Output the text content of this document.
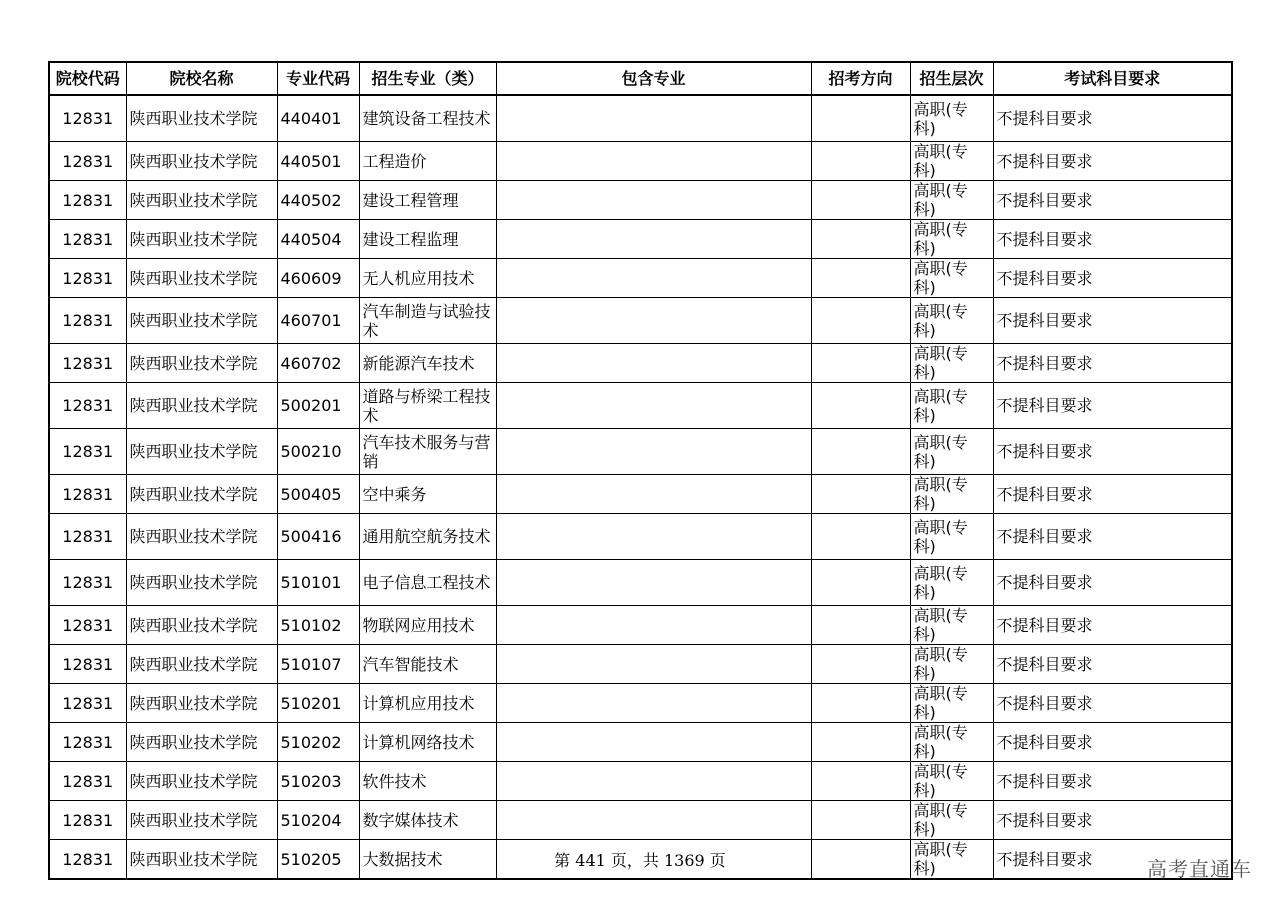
院校代码	院校名称	专业代码	招生专业（类）	包含专业	招考方向	招生层次	考试科目要求
12831	陕西职业技术学院	440401	建筑设备工程技术			高职(专科)	不提科目要求
12831	陕西职业技术学院	440501	工程造价			高职(专科)	不提科目要求
12831	陕西职业技术学院	440502	建设工程管理			高职(专科)	不提科目要求
12831	陕西职业技术学院	440504	建设工程监理			高职(专科)	不提科目要求
12831	陕西职业技术学院	460609	无人机应用技术			高职(专科)	不提科目要求
12831	陕西职业技术学院	460701	汽车制造与试验技术			高职(专科)	不提科目要求
12831	陕西职业技术学院	460702	新能源汽车技术			高职(专科)	不提科目要求
12831	陕西职业技术学院	500201	道路与桥梁工程技术			高职(专科)	不提科目要求
12831	陕西职业技术学院	500210	汽车技术服务与营销			高职(专科)	不提科目要求
12831	陕西职业技术学院	500405	空中乘务			高职(专科)	不提科目要求
12831	陕西职业技术学院	500416	通用航空航务技术			高职(专科)	不提科目要求
12831	陕西职业技术学院	510101	电子信息工程技术			高职(专科)	不提科目要求
12831	陕西职业技术学院	510102	物联网应用技术			高职(专科)	不提科目要求
12831	陕西职业技术学院	510107	汽车智能技术			高职(专科)	不提科目要求
12831	陕西职业技术学院	510201	计算机应用技术			高职(专科)	不提科目要求
12831	陕西职业技术学院	510202	计算机网络技术			高职(专科)	不提科目要求
12831	陕西职业技术学院	510203	软件技术			高职(专科)	不提科目要求
12831	陕西职业技术学院	510204	数字媒体技术			高职(专科)	不提科目要求
12831	陕西职业技术学院	510205	大数据技术			高职(专科)	不提科目要求
第 441 页，共 1369 页	高考直通车
